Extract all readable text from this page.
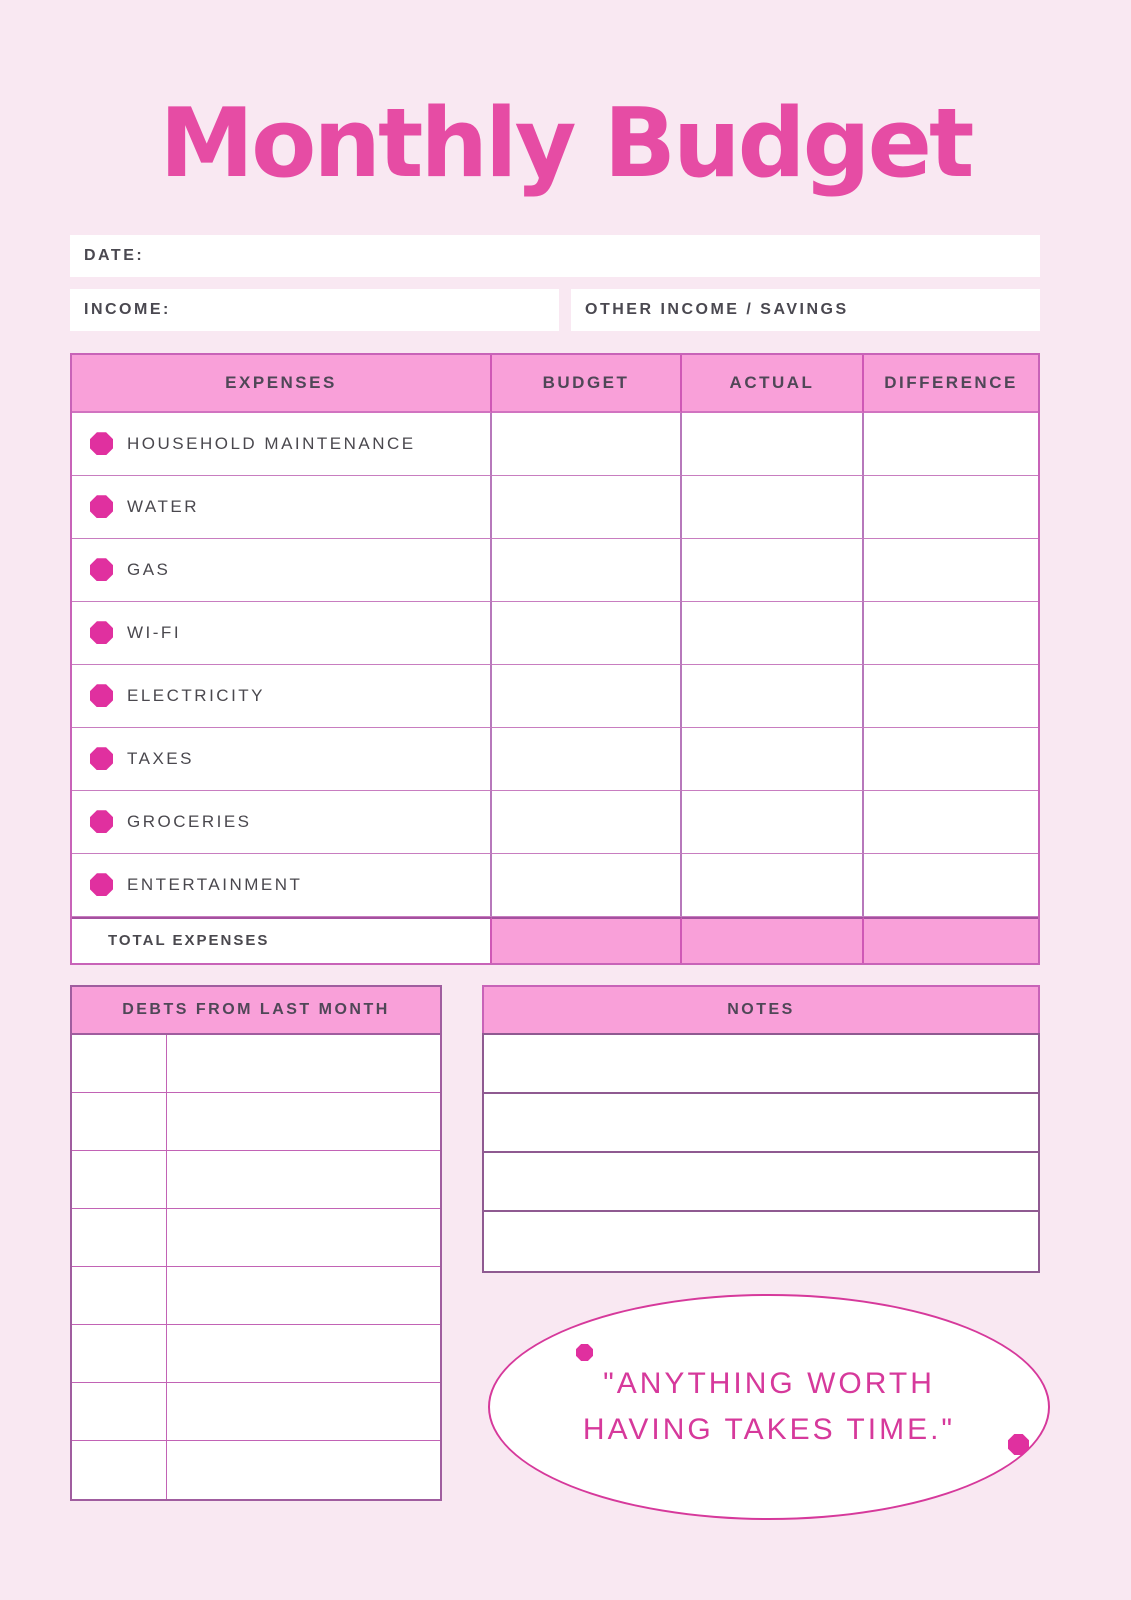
Monthly Budget
DATE:
INCOME:	OTHER INCOME / SAVINGS
EXPENSES	BUDGET	ACTUAL	DIFFERENCE
HOUSEHOLD MAINTENANCE
WATER
GAS
WI-FI
ELECTRICITY
TAXES
GROCERIES
ENTERTAINMENT
TOTAL EXPENSES
DEBTS FROM LAST MONTH	NOTES
"ANYTHING WORTH
HAVING TAKES TIME."
